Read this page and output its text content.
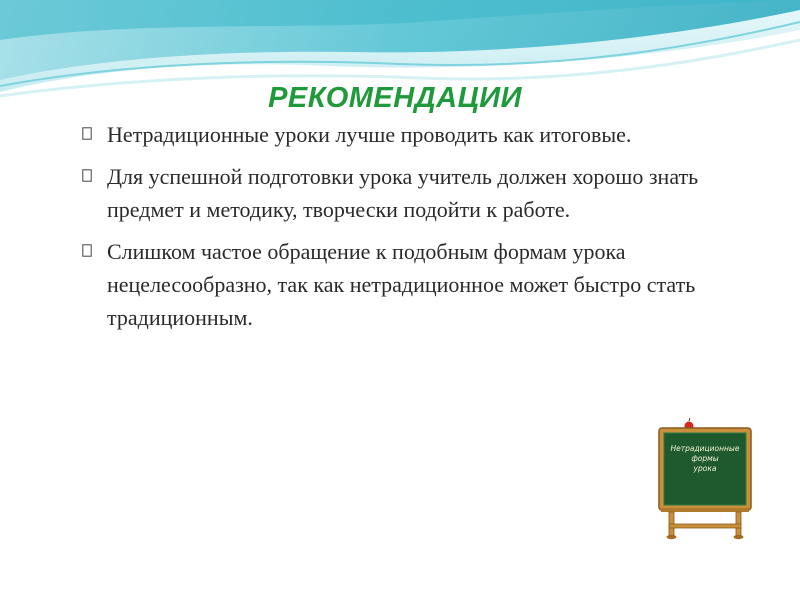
РЕКОМЕНДАЦИИ
Нетрадиционные уроки лучше проводить как итоговые.
Для успешной подготовки урока учитель должен хорошо знать предмет и методику, творчески подойти к работе.
Слишком частое обращение к подобным формам урока нецелесообразно, так как нетрадиционное может быстро стать традиционным.
Нетрадиционные
формы
урока
